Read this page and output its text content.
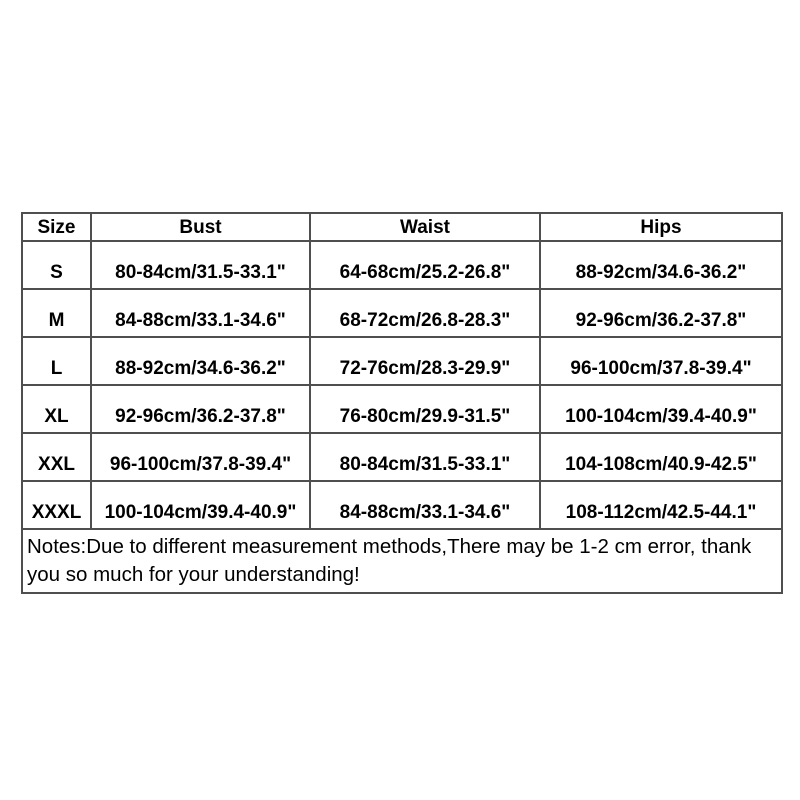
Size	Bust	Waist	Hips
S	80-84cm/31.5-33.1"	64-68cm/25.2-26.8"	88-92cm/34.6-36.2"
M	84-88cm/33.1-34.6"	68-72cm/26.8-28.3"	92-96cm/36.2-37.8"
L	88-92cm/34.6-36.2"	72-76cm/28.3-29.9"	96-100cm/37.8-39.4"
XL	92-96cm/36.2-37.8"	76-80cm/29.9-31.5"	100-104cm/39.4-40.9"
XXL	96-100cm/37.8-39.4"	80-84cm/31.5-33.1"	104-108cm/40.9-42.5"
XXXL	100-104cm/39.4-40.9"	84-88cm/33.1-34.6"	108-112cm/42.5-44.1"
Notes:Due to different measurement methods,There may be 1-2 cm error, thank you so much for your understanding!			
